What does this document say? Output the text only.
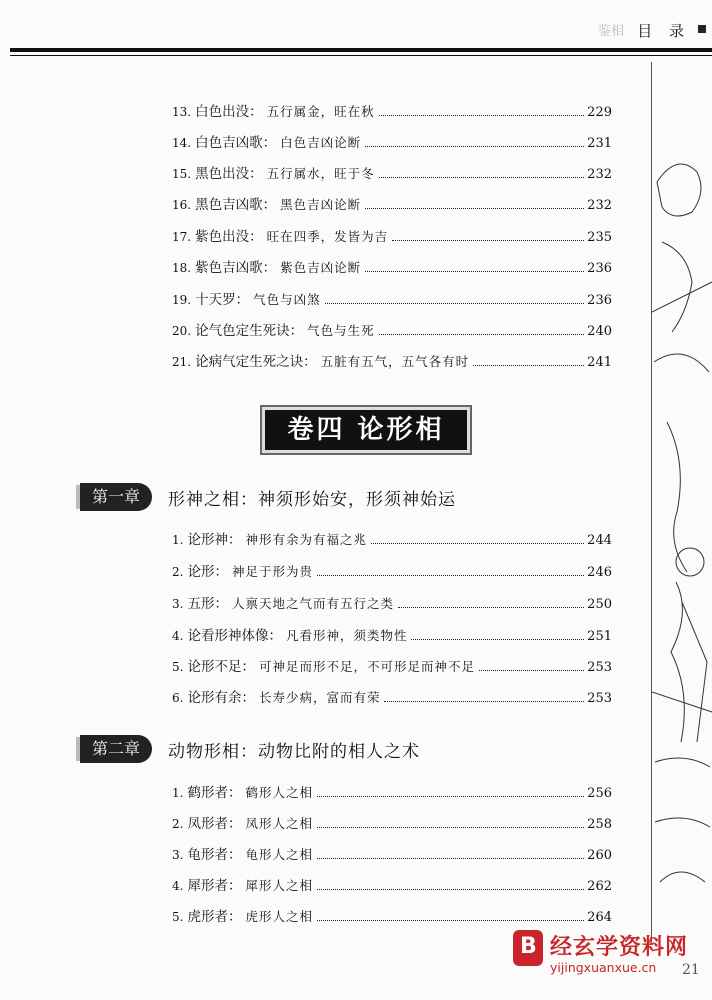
鉴相 目 录
13. 白色出没： 五行属金，旺在秋	229
14. 白色吉凶歌： 白色吉凶论断	231
15. 黑色出没： 五行属水，旺于冬	232
16. 黑色吉凶歌： 黑色吉凶论断	232
17. 紫色出没： 旺在四季，发皆为吉	235
18. 紫色吉凶歌： 紫色吉凶论断	236
19. 十天罗： 气色与凶煞	236
20. 论气色定生死诀： 气色与生死	240
21. 论病气定生死之诀： 五脏有五气，五气各有时	241
卷四 论形相
第一章	形神之相：神须形始安，形须神始运
1. 论形神： 神形有余为有福之兆	244
2. 论形： 神足于形为贵	246
3. 五形： 人禀天地之气而有五行之类	250
4. 论看形神体像： 凡看形神，须类物性	251
5. 论形不足： 可神足而形不足，不可形足而神不足	253
6. 论形有余： 长寿少病，富而有荣	253
第二章	动物形相：动物比附的相人之术
1. 鹤形者： 鹤形人之相	256
2. 凤形者： 凤形人之相	258
3. 龟形者： 龟形人之相	260
4. 犀形者： 犀形人之相	262
5. 虎形者： 虎形人之相	264
B 经玄学资料网
yijingxuanxue.cn 21
